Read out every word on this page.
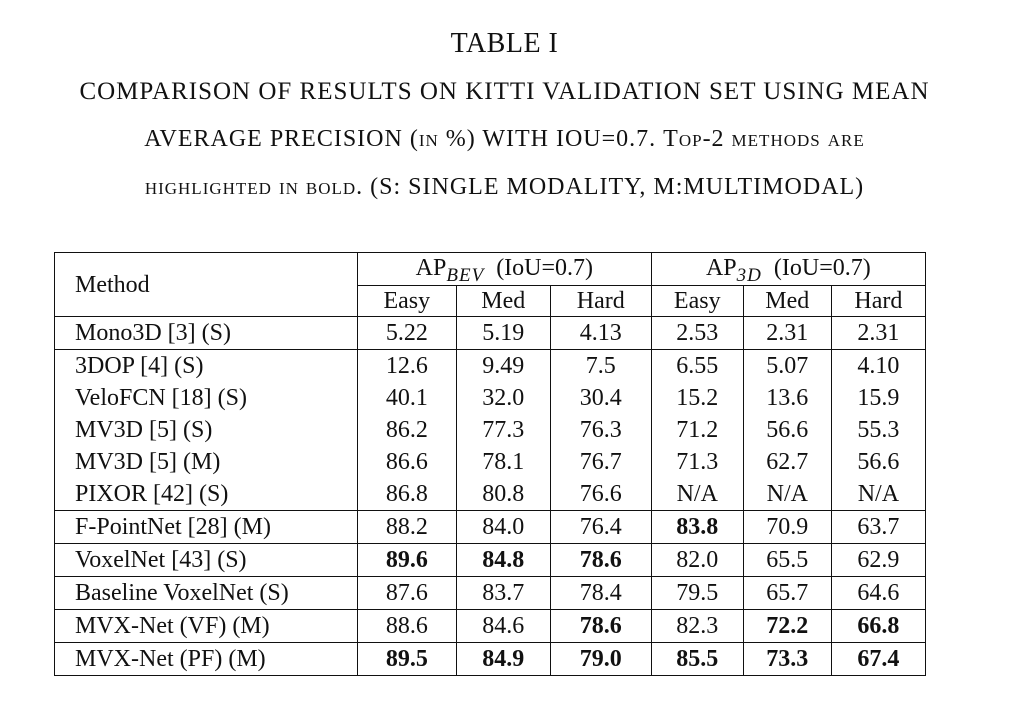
TABLE I
COMPARISON OF RESULTS ON KITTI VALIDATION SET USING MEAN
AVERAGE PRECISION (in %) WITH IOU=0.7. Top-2 methods are
highlighted in bold. (S: SINGLE MODALITY, M:MULTIMODAL)
Method	$AP_{BEV}$ (IoU=0.7)			$AP_{3D}$ (IoU=0.7)		
	Easy	Med	Hard	Easy	Med	Hard
Mono3D [3] (S)	5.22	5.19	4.13	2.53	2.31	2.31
3DOP [4] (S)	12.6	9.49	7.5	6.55	5.07	4.10
VeloFCN [18] (S)	40.1	32.0	30.4	15.2	13.6	15.9
MV3D [5] (S)	86.2	77.3	76.3	71.2	56.6	55.3
MV3D [5] (M)	86.6	78.1	76.7	71.3	62.7	56.6
PIXOR [42] (S)	86.8	80.8	76.6	N/A	N/A	N/A
F-PointNet [28] (M)	88.2	84.0	76.4	83.8	70.9	63.7
VoxelNet [43] (S)	89.6	84.8	78.6	82.0	65.5	62.9
Baseline VoxelNet (S)	87.6	83.7	78.4	79.5	65.7	64.6
MVX-Net (VF) (M)	88.6	84.6	78.6	82.3	72.2	66.8
MVX-Net (PF) (M)	89.5	84.9	79.0	85.5	73.3	67.4
